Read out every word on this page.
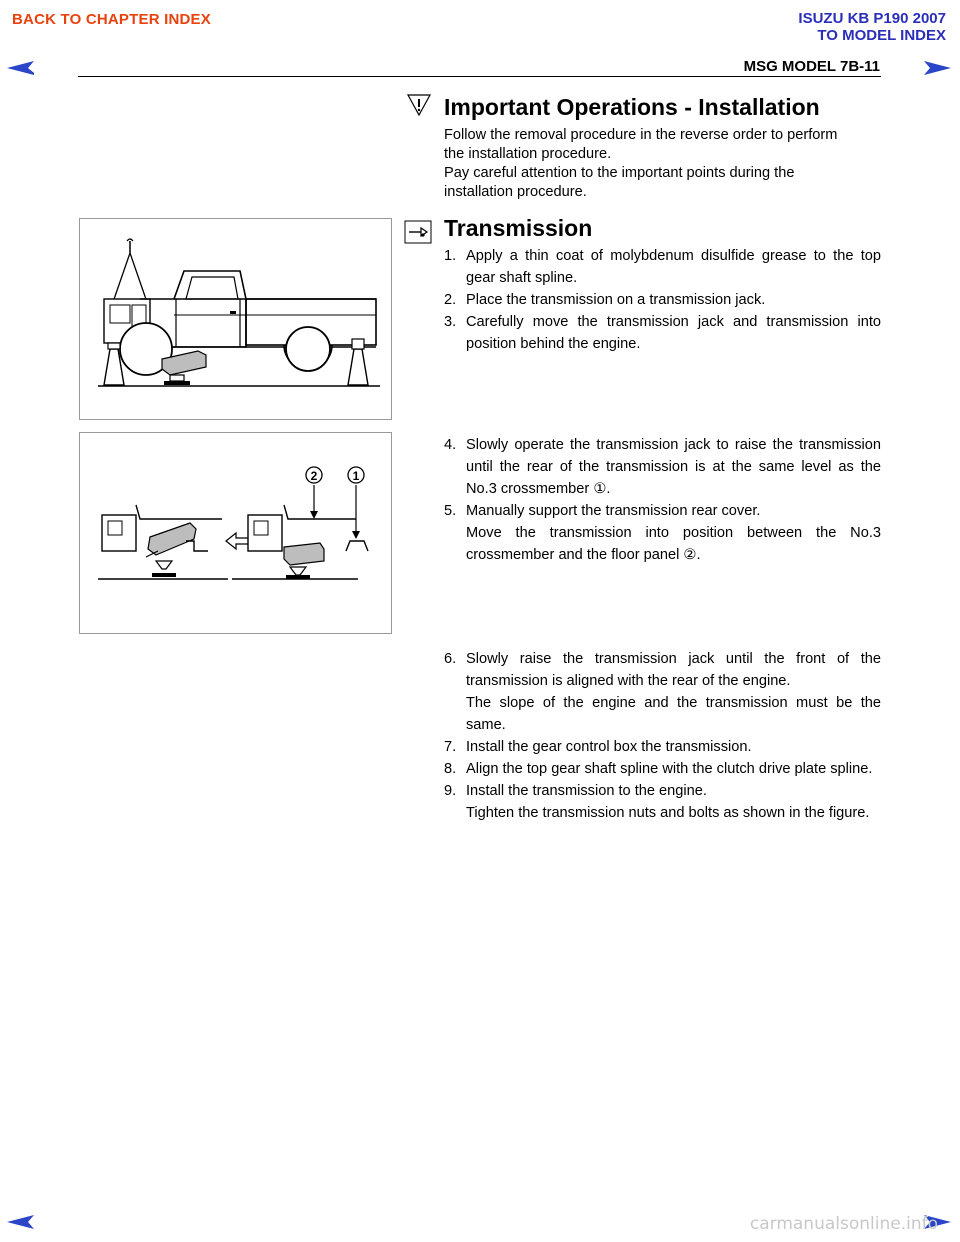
BACK TO CHAPTER INDEX	ISUZU KB P190 2007
TO MODEL INDEX
MSG MODEL 7B-11
Important Operations - Installation
Follow the removal procedure in the reverse order to perform
the installation procedure.
Pay careful attention to the important points during the
installation procedure.
Transmission
1. Apply a thin coat of molybdenum disulfide grease to the top gear shaft spline.
2. Place the transmission on a transmission jack.
3. Carefully move the transmission jack and transmission into position behind the engine.
2	1
4. Slowly operate the transmission jack to raise the transmission until the rear of the transmission is at the same level as the No.3 crossmember ①.
5. Manually support the transmission rear cover.
Move the transmission into position between the No.3 crossmember and the floor panel ②.
6. Slowly raise the transmission jack until the front of the transmission is aligned with the rear of the engine.
The slope of the engine and the transmission must be the same.
7. Install the gear control box the transmission.
8. Align the top gear shaft spline with the clutch drive plate spline.
9. Install the transmission to the engine.
Tighten the transmission nuts and bolts as shown in the figure.
carmanualsonline.info
